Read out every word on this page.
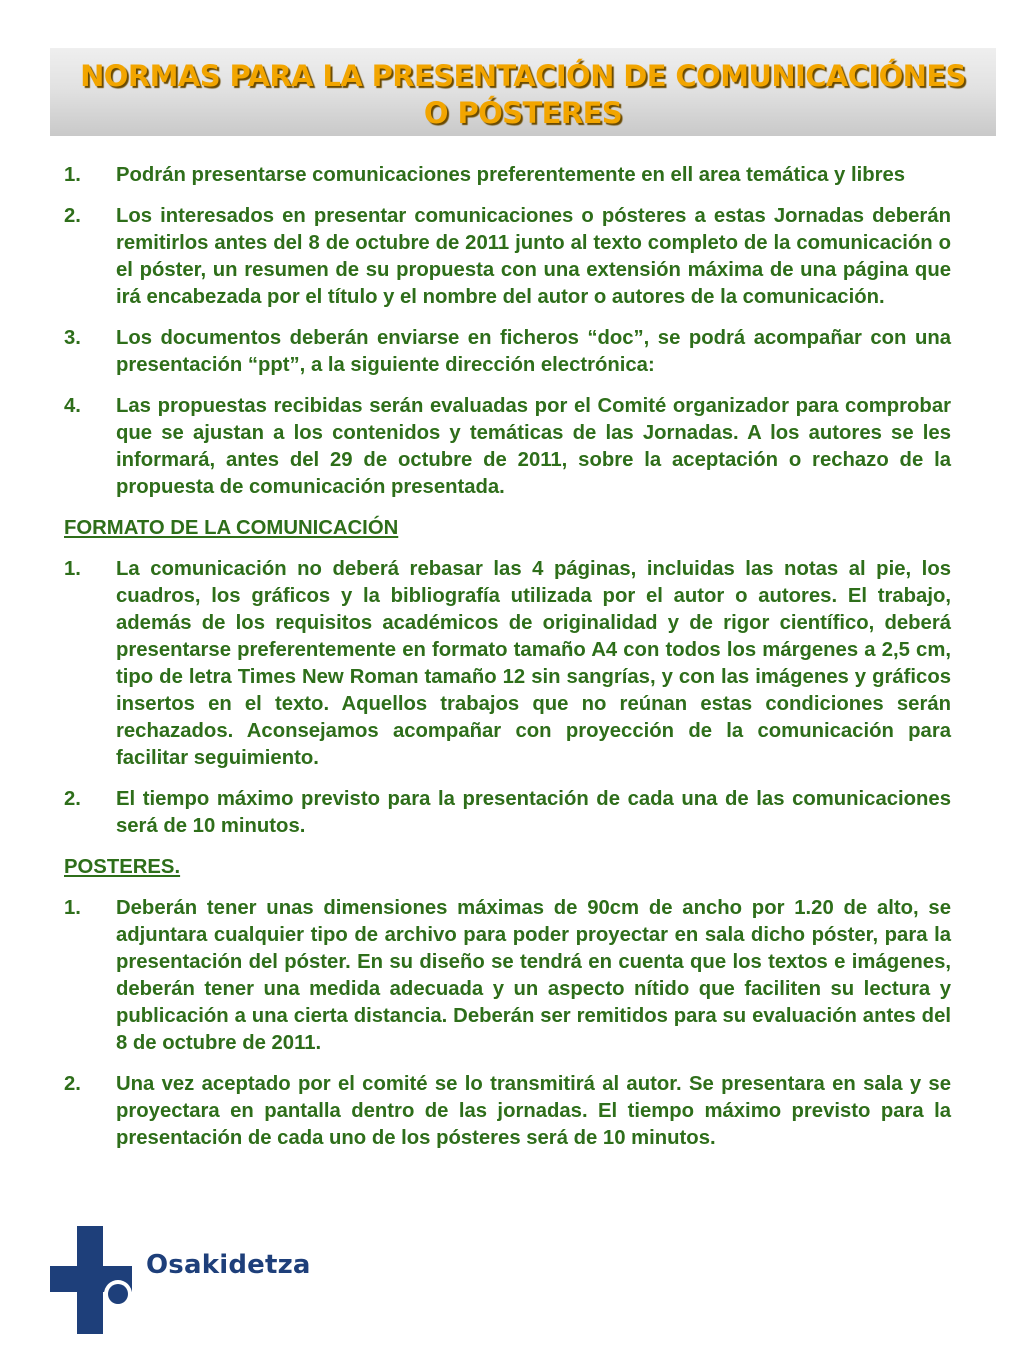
NORMAS PARA LA PRESENTACIÓN DE COMUNICACIÓNES
O PÓSTERES
1.	Podrán presentarse comunicaciones preferentemente en ell area temática y libres
2.	Los interesados en presentar comunicaciones o pósteres a estas Jornadas deberán remitirlos antes del 8 de octubre de 2011 junto al texto completo de la comunicación o el póster, un resumen de su propuesta con una extensión máxima de una página que irá encabezada por el título y el nombre del autor o autores de la comunicación.
3.	Los documentos deberán enviarse en ficheros “doc”, se podrá acompañar con una presentación “ppt”, a la siguiente dirección electrónica:
4.	Las propuestas recibidas serán evaluadas por el Comité organizador para comprobar que se ajustan a los contenidos y temáticas de las Jornadas. A los autores se les informará, antes del 29 de octubre de 2011, sobre la aceptación o rechazo de la propuesta de comunicación presentada.
FORMATO DE LA COMUNICACIÓN
1.	La comunicación no deberá rebasar las 4 páginas, incluidas las notas al pie, los cuadros, los gráficos y la bibliografía utilizada por el autor o autores. El trabajo, además de los requisitos académicos de originalidad y de rigor científico, deberá presentarse preferentemente en formato tamaño A4 con todos los márgenes a 2,5 cm, tipo de letra Times New Roman tamaño 12 sin sangrías, y con las imágenes y gráficos insertos en el texto. Aquellos trabajos que no reúnan estas condiciones serán rechazados. Aconsejamos acompañar con proyección de la comunicación para facilitar seguimiento.
2.	El tiempo máximo previsto para la presentación de cada una de las comunicaciones será de 10 minutos.
POSTERES.
1.	Deberán tener unas dimensiones máximas de 90cm de ancho por 1.20 de alto, se adjuntara cualquier tipo de archivo para poder proyectar en sala dicho póster, para la presentación del póster. En su diseño se tendrá en cuenta que los textos e imágenes, deberán tener una medida adecuada y un aspecto nítido que faciliten su lectura y publicación a una cierta distancia. Deberán ser remitidos para su evaluación antes del 8 de octubre de 2011.
2.	Una vez aceptado por el comité se lo transmitirá al autor. Se presentara en sala y se proyectara en pantalla dentro de las jornadas. El tiempo máximo previsto para la presentación de cada uno de los pósteres será de 10 minutos.
Osakidetza
